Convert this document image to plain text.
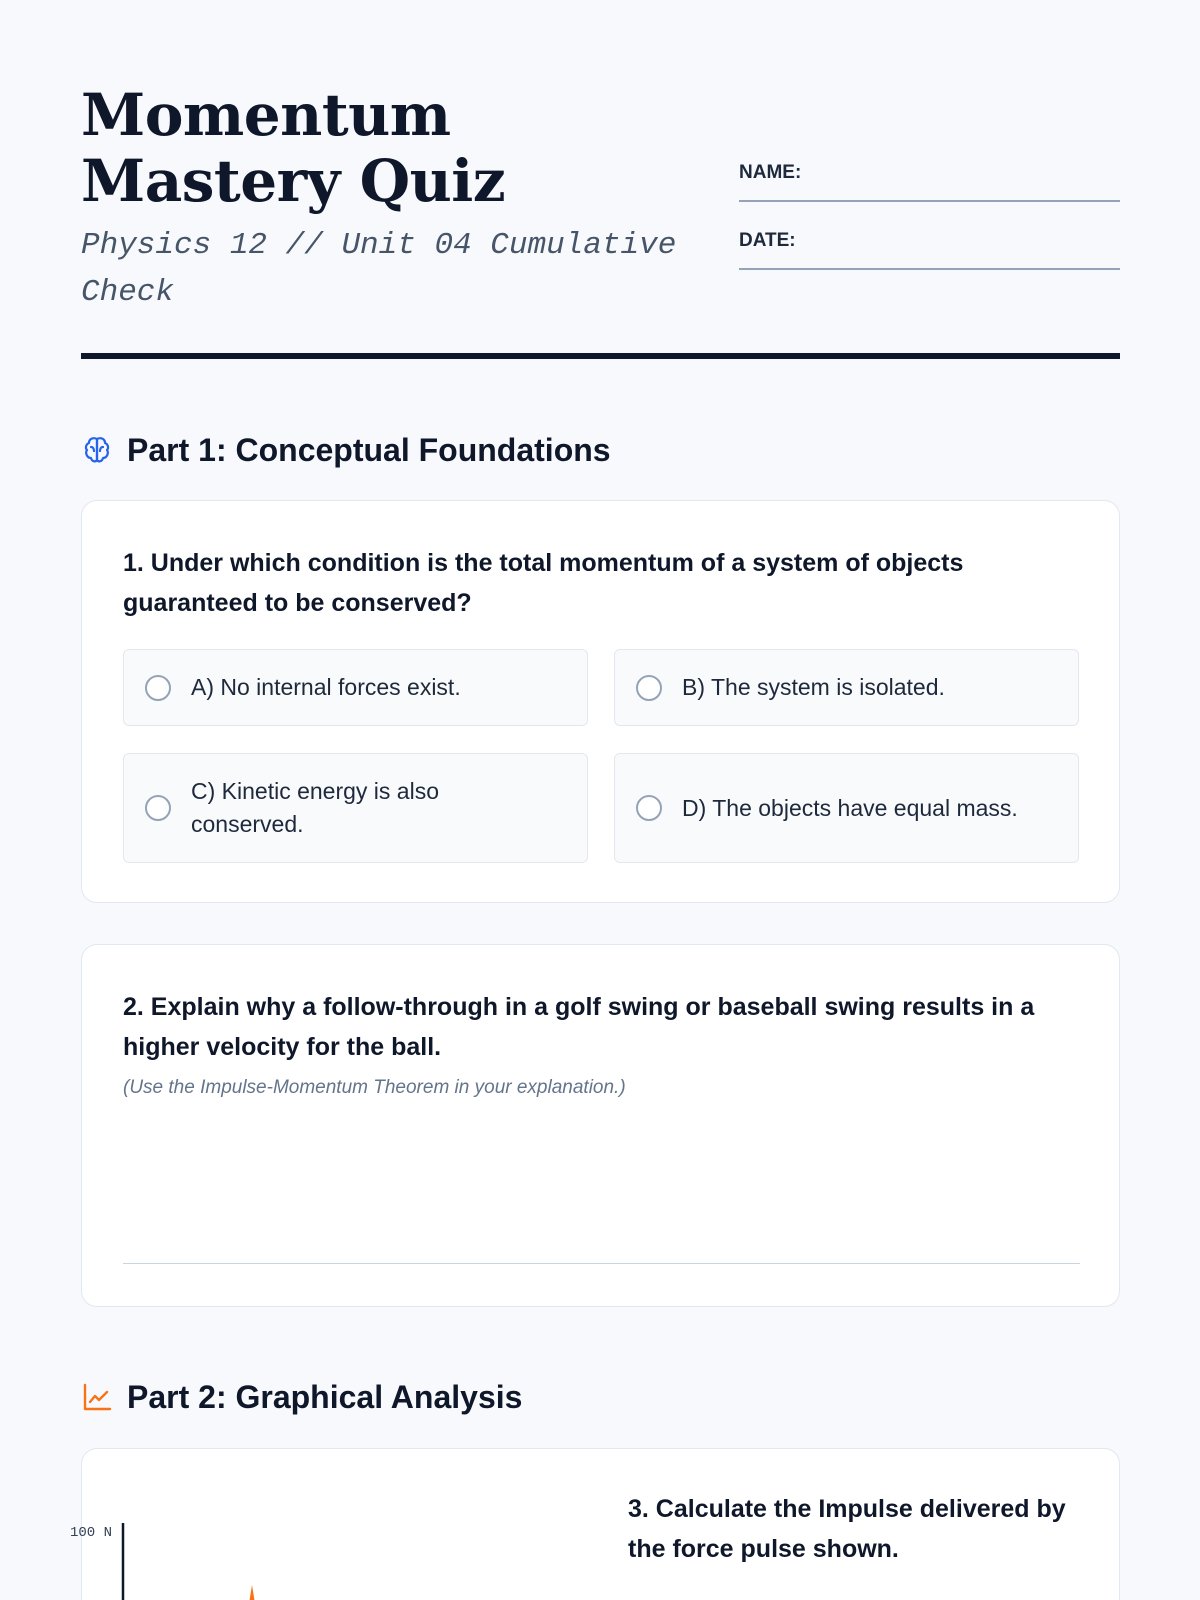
Momentum Mastery Quiz
Physics 12 // Unit 04 Cumulative Check
NAME:
DATE:
Part 1: Conceptual Foundations
1. Under which condition is the total momentum of a system of objects guaranteed to be conserved?
A) No internal forces exist.	B) The system is isolated.
C) Kinetic energy is also conserved.
D) The objects have equal mass.
2. Explain why a follow-through in a golf swing or baseball swing results in a higher velocity for the ball.
(Use the Impulse-Momentum Theorem in your explanation.)
Part 2: Graphical Analysis
100 N
3. Calculate the Impulse delivered by the force pulse shown.
